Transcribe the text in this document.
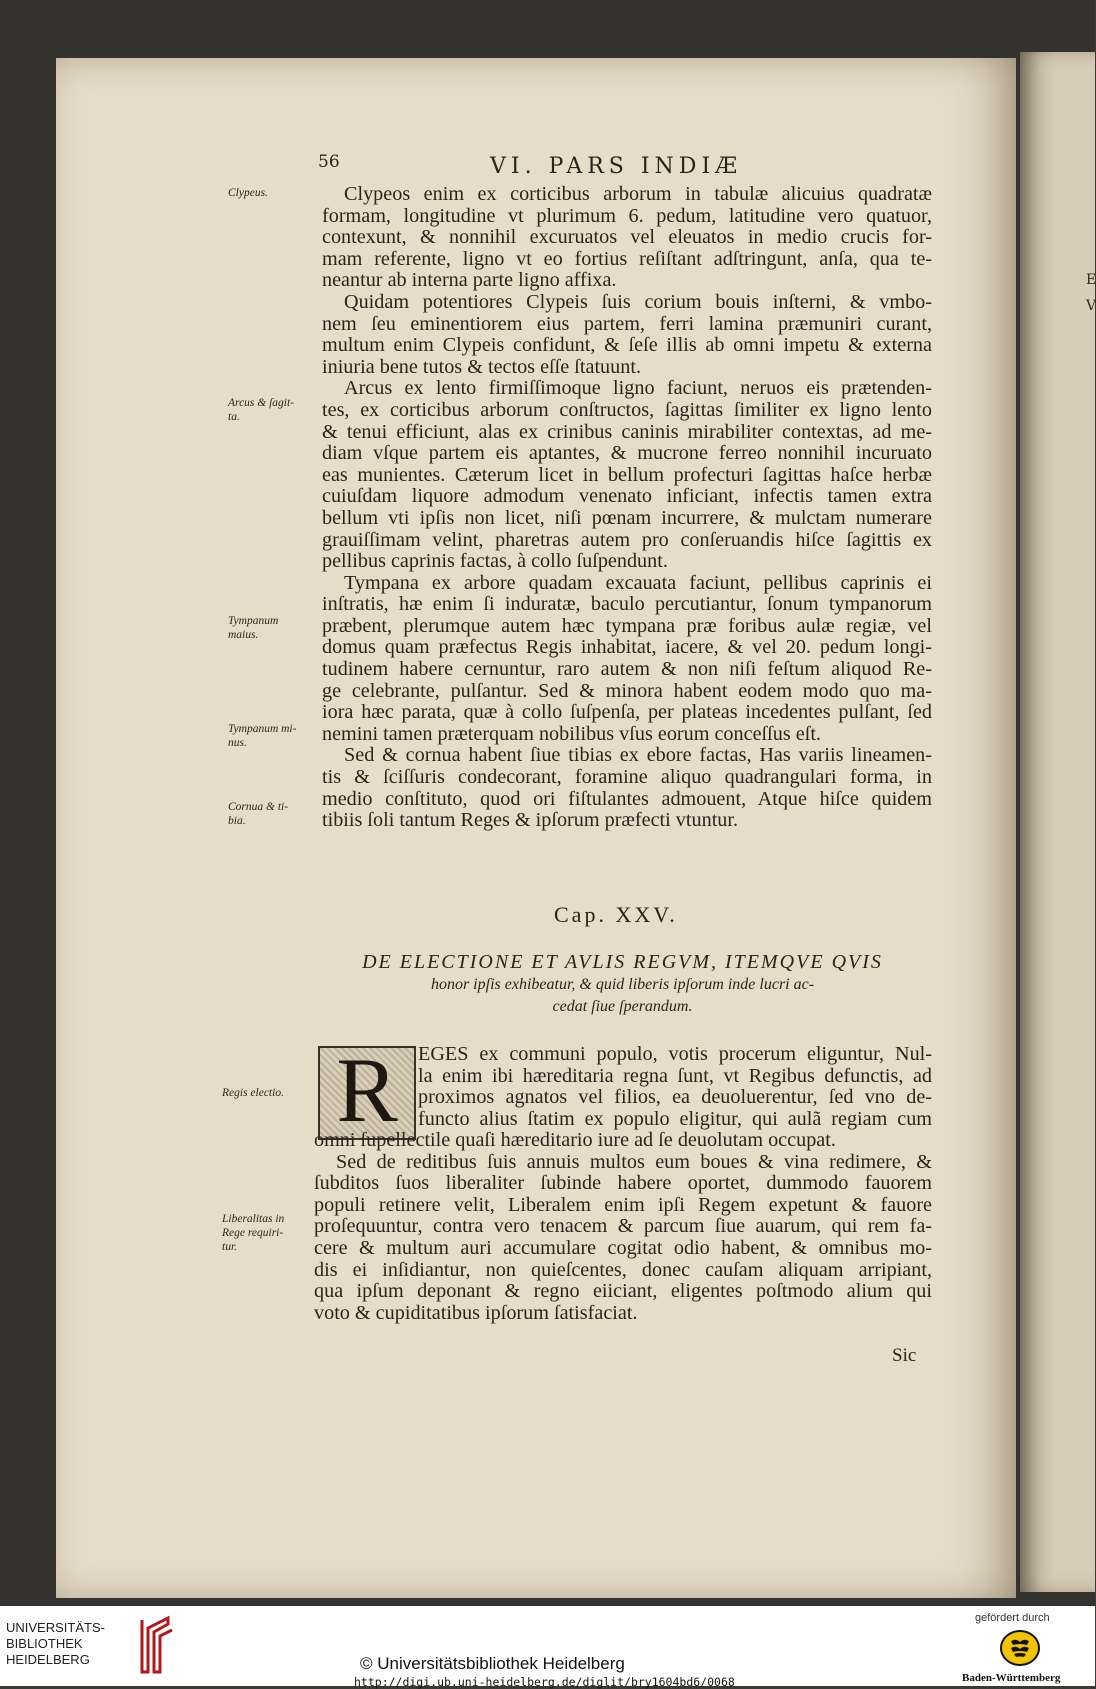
E
V
56	VI. PARS INDIÆ
Clypeus.
Arcus & ſagit-
ta.
Tympanum
maius.
Tympanum mi-
nus.
Cornua & ti-
bia.
Regis electio.
Liberalitas in
Rege requiri-
tur.
Clypeos enim ex corticibus arborum in tabulæ alicuius quadratæ
formam, longitudine vt plurimum 6. pedum, latitudine vero quatuor,
contexunt, & nonnihil excuruatos vel eleuatos in medio crucis for-
mam referente, ligno vt eo fortius reſiſtant adſtringunt, anſa, qua te-
neantur ab interna parte ligno affixa.
Quidam potentiores Clypeis ſuis corium bouis inſterni, & vmbo-
nem ſeu eminentiorem eius partem, ferri lamina præmuniri curant,
multum enim Clypeis confidunt, & ſeſe illis ab omni impetu & externa
iniuria bene tutos & tectos eſſe ſtatuunt.
Arcus ex lento firmiſſimoque ligno faciunt, neruos eis prætenden-
tes, ex corticibus arborum conſtructos, ſagittas ſimiliter ex ligno lento
& tenui efficiunt, alas ex crinibus caninis mirabiliter contextas, ad me-
diam vſque partem eis aptantes, & mucrone ferreo nonnihil incuruato
eas munientes. Cæterum licet in bellum profecturi ſagittas haſce herbæ
cuiuſdam liquore admodum venenato inficiant, infectis tamen extra
bellum vti ipſis non licet, niſi pœnam incurrere, & mulctam numerare
grauiſſimam velint, pharetras autem pro conſeruandis hiſce ſagittis ex
pellibus caprinis factas, à collo ſuſpendunt.
Tympana ex arbore quadam excauata faciunt, pellibus caprinis ei
inſtratis, hæ enim ſi induratæ, baculo percutiantur, ſonum tympanorum
præbent, plerumque autem hæc tympana præ foribus aulæ regiæ, vel
domus quam præfectus Regis inhabitat, iacere, & vel 20. pedum longi-
tudinem habere cernuntur, raro autem & non niſi feſtum aliquod Re-
ge celebrante, pulſantur. Sed & minora habent eodem modo quo ma-
iora hæc parata, quæ à collo ſuſpenſa, per plateas incedentes pulſant, ſed
nemini tamen præterquam nobilibus vſus eorum conceſſus eſt.
Sed & cornua habent ſiue tibias ex ebore factas, Has variis lineamen-
tis & ſciſſuris condecorant, foramine aliquo quadrangulari forma, in
medio conſtituto, quod ori fiſtulantes admouent, Atque hiſce quidem
tibiis ſoli tantum Reges & ipſorum præfecti vtuntur.
Cap. XXV.
DE ELECTIONE ET AVLIS REGVM, ITEMQVE QVIS
honor ipſis exhibeatur, & quid liberis ipſorum inde lucri ac-
cedat ſiue ſperandum.
R	EGES ex communi populo, votis procerum eliguntur, Nul-
la enim ibi hæreditaria regna ſunt, vt Regibus defunctis, ad
proximos agnatos vel filios, ea deuoluerentur, ſed vno de-
functo alius ſtatim ex populo eligitur, qui aulã regiam cum
omni ſupellectile quaſi hæreditario iure ad ſe deuolutam occupat.
Sed de reditibus ſuis annuis multos eum boues & vina redimere, &
ſubditos ſuos liberaliter ſubinde habere oportet, dummodo fauorem
populi retinere velit, Liberalem enim ipſi Regem expetunt & fauore
proſequuntur, contra vero tenacem & parcum ſiue auarum, qui rem fa-
cere & multum auri accumulare cogitat odio habent, & omnibus mo-
dis ei inſidiantur, non quieſcentes, donec cauſam aliquam arripiant,
qua ipſum deponant & regno eiiciant, eligentes poſtmodo alium qui
voto & cupiditatibus ipſorum ſatisfaciat.
Sic
UNIVERSITÄTS-
BIBLIOTHEK
HEIDELBERG	© Universitätsbibliothek Heidelberg
http://digi.ub.uni-heidelberg.de/diglit/bry1604bd6/0068
gefördert durch
Baden-Württemberg
